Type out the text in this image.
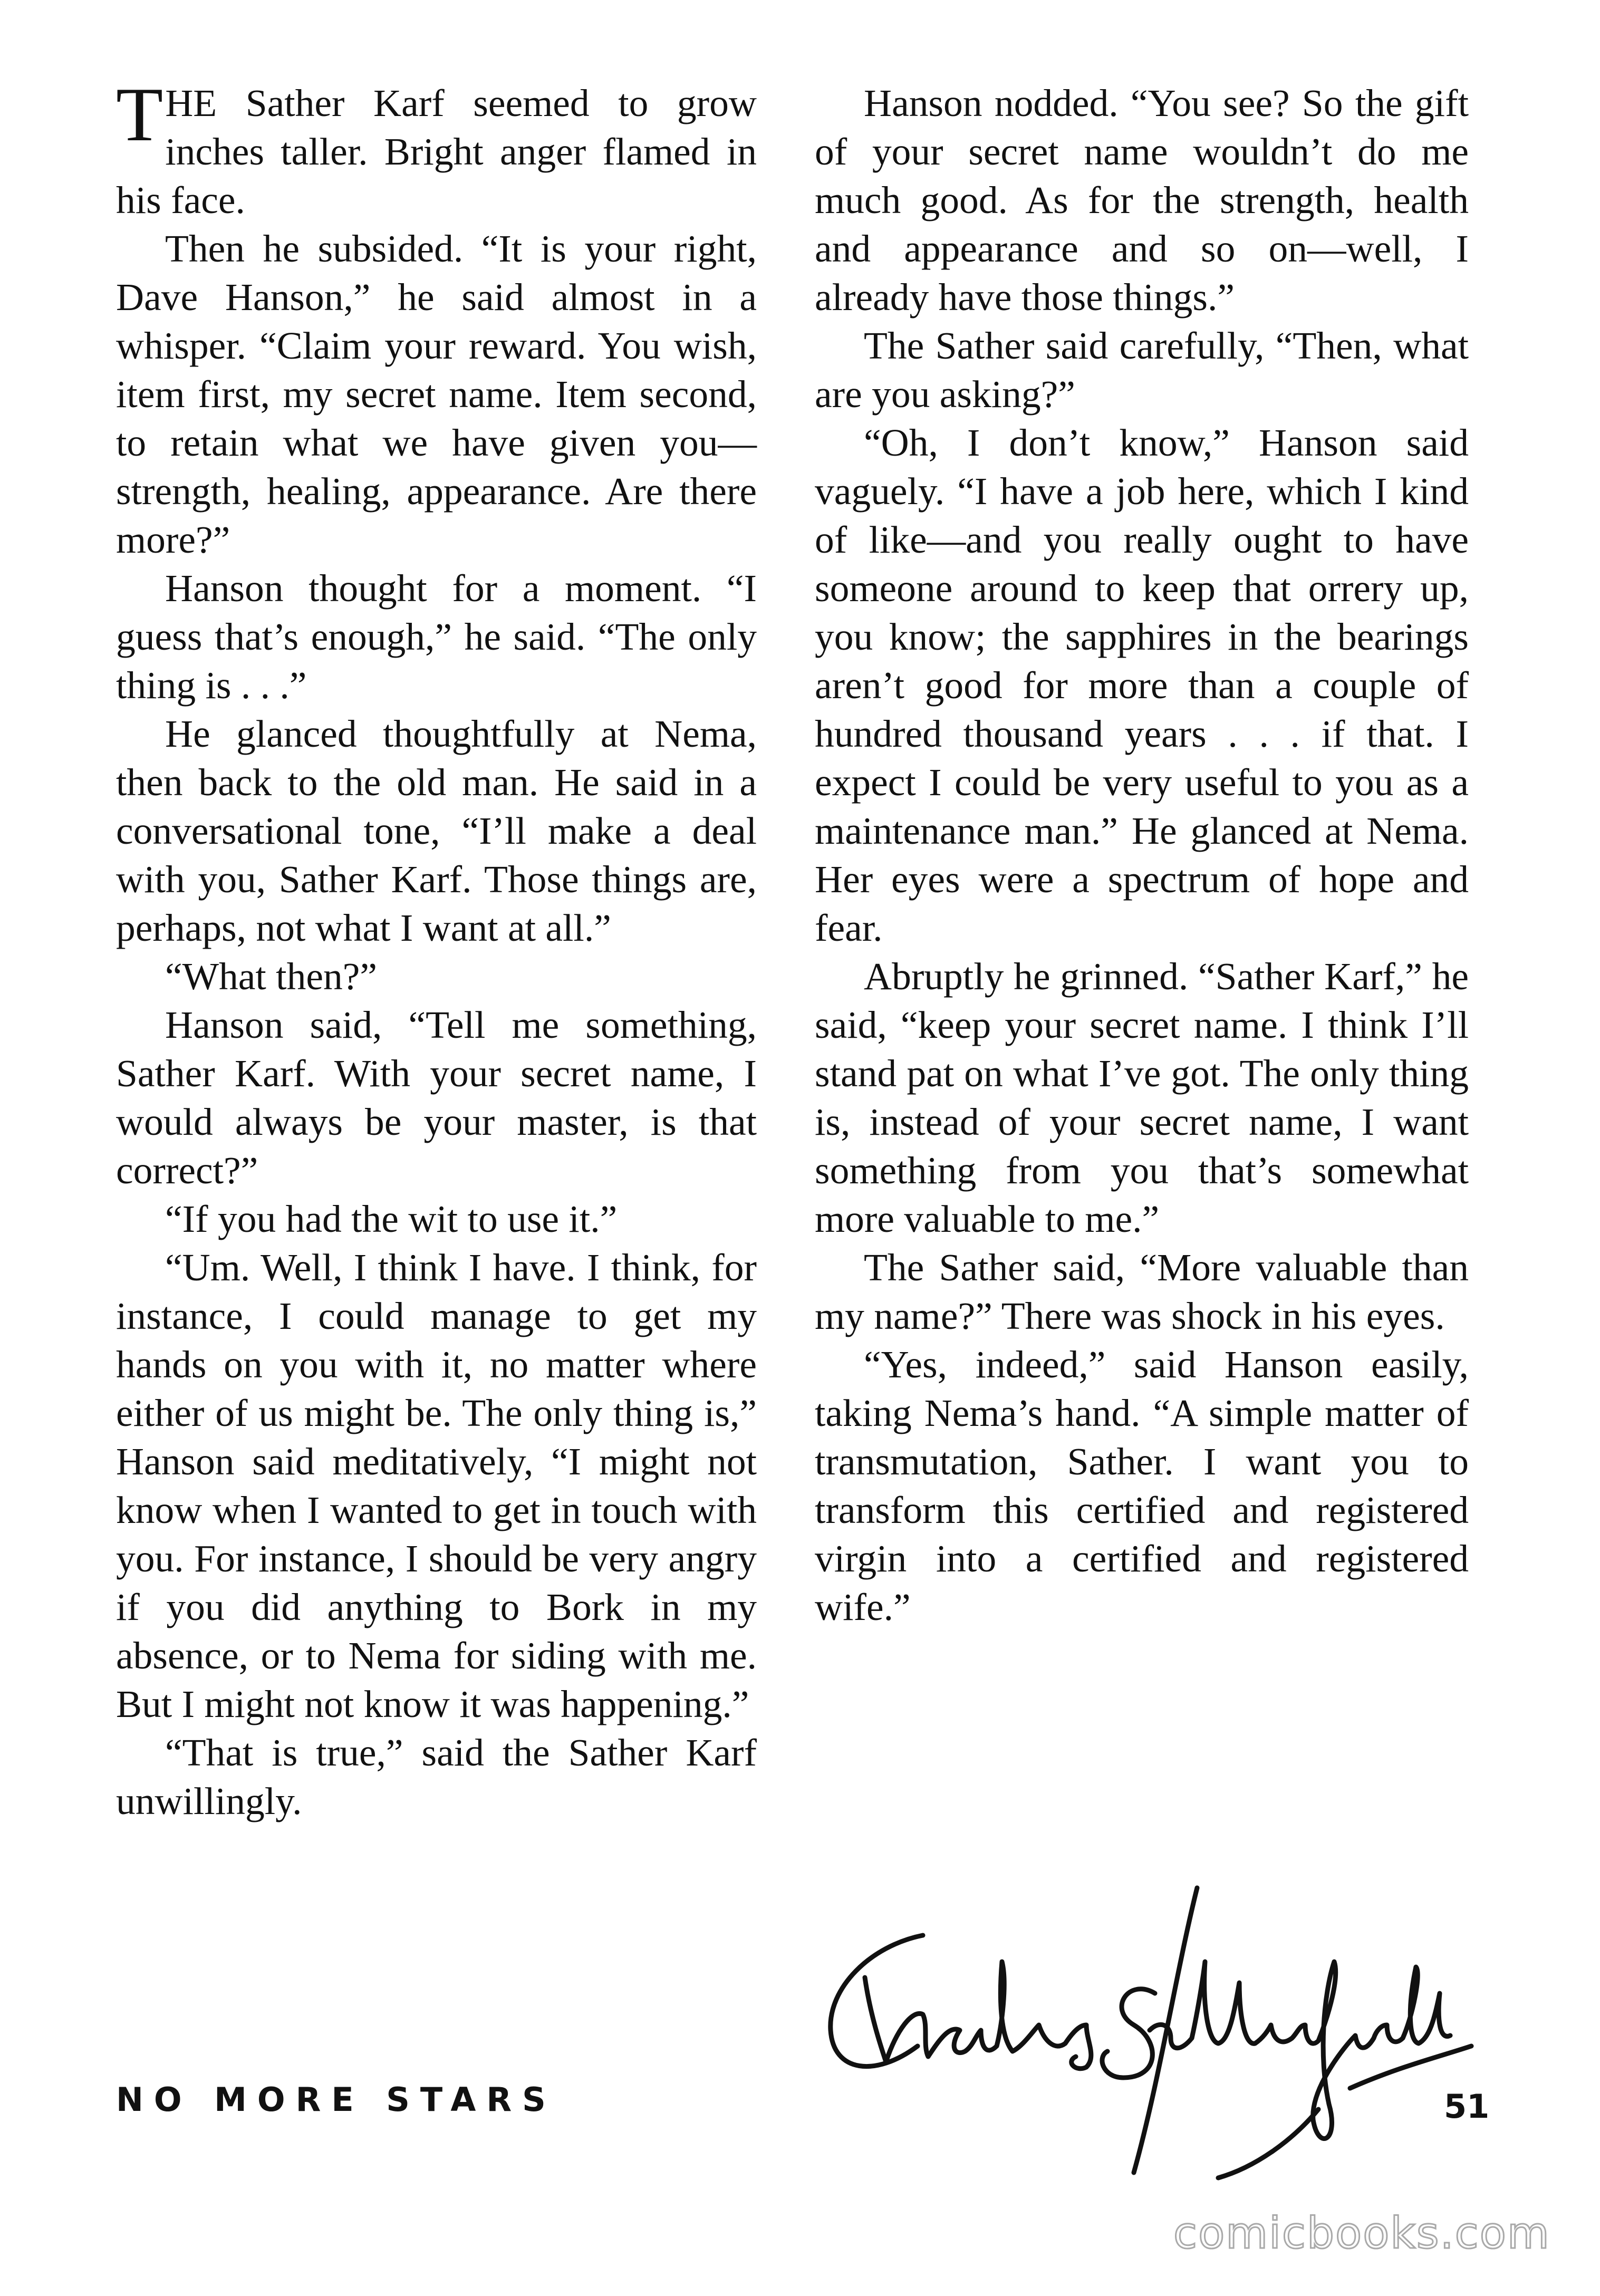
THE Sather Karf seemed to grow inches taller. Bright anger flamed in his face.

Then he subsided. “It is your right, Dave Hanson,” he said almost in a whisper. “Claim your reward. You wish, item first, my secret name. Item second, to retain what we have given you—strength, healing, appearance. Are there more?”

Hanson thought for a moment. “I guess that’s enough,” he said. “The only thing is . . .”

He glanced thoughtfully at Nema, then back to the old man. He said in a conversational tone, “I’ll make a deal with you, Sather Karf. Those things are, perhaps, not what I want at all.”

“What then?”

Hanson said, “Tell me something, Sather Karf. With your secret name, I would always be your master, is that correct?”

“If you had the wit to use it.”

“Um. Well, I think I have. I think, for instance, I could manage to get my hands on you with it, no matter where either of us might be. The only thing is,” Hanson said meditatively, “I might not know when I wanted to get in touch with you. For instance, I should be very angry if you did anything to Bork in my absence, or to Nema for siding with me. But I might not know it was happening.”

“That is true,” said the Sather Karf unwillingly.

Hanson nodded. “You see? So the gift of your secret name wouldn’t do me much good. As for the strength, health and appearance and so on—well, I already have those things.”

The Sather said carefully, “Then, what are you asking?”

“Oh, I don’t know,” Hanson said vaguely. “I have a job here, which I kind of like—and you really ought to have someone around to keep that orrery up, you know; the sapphires in the bearings aren’t good for more than a couple of hundred thousand years . . . if that. I expect I could be very useful to you as a maintenance man.” He glanced at Nema. Her eyes were a spectrum of hope and fear.

Abruptly he grinned. “Sather Karf,” he said, “keep your secret name. I think I’ll stand pat on what I’ve got. The only thing is, instead of your secret name, I want something from you that’s somewhat more valuable to me.”

The Sather said, “More valuable than my name?” There was shock in his eyes.

“Yes, indeed,” said Hanson easily, taking Nema’s hand. “A simple matter of transmutation, Sather. I want you to transform this certified and registered virgin into a certified and registered wife.”

NO MORE STARS	51
comicbooks.com
